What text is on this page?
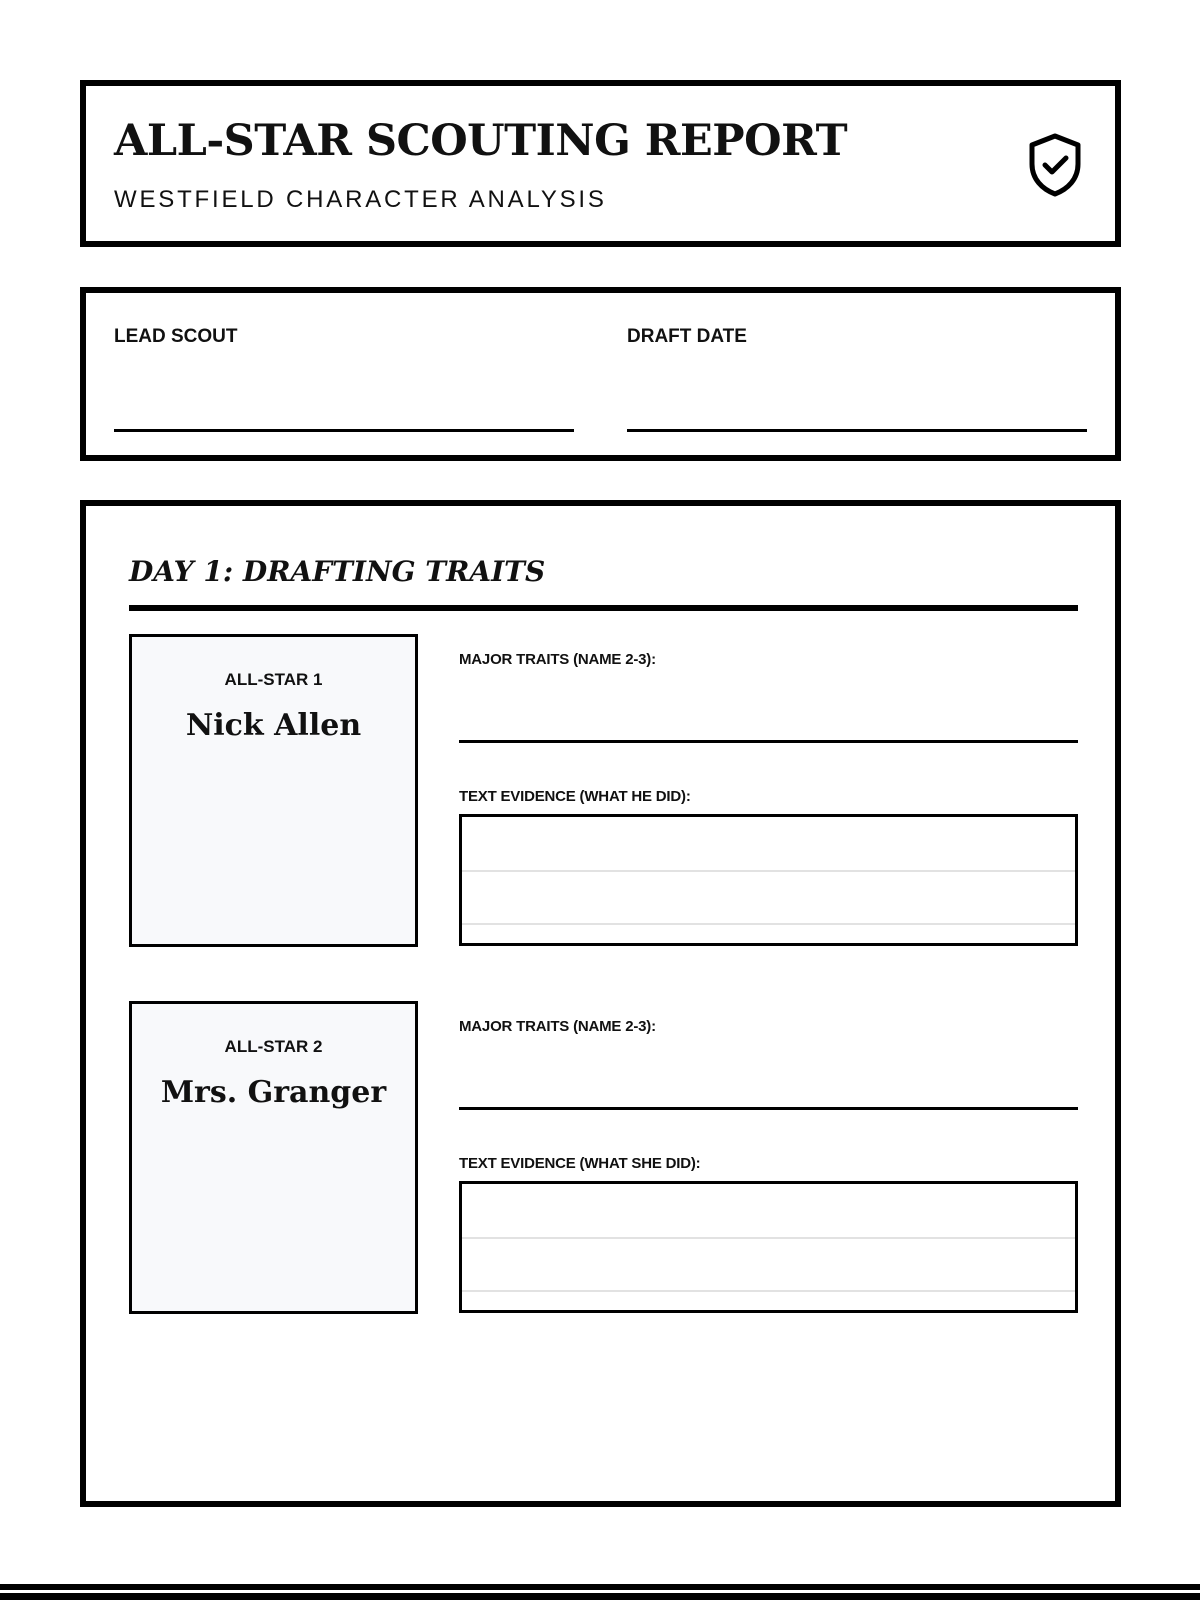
ALL-STAR SCOUTING REPORT
WESTFIELD CHARACTER ANALYSIS
LEAD SCOUT	DRAFT DATE
DAY 1: DRAFTING TRAITS
ALL-STAR 1
Nick Allen
MAJOR TRAITS (NAME 2-3):
TEXT EVIDENCE (WHAT HE DID):
ALL-STAR 2
Mrs. Granger
MAJOR TRAITS (NAME 2-3):
TEXT EVIDENCE (WHAT SHE DID):
